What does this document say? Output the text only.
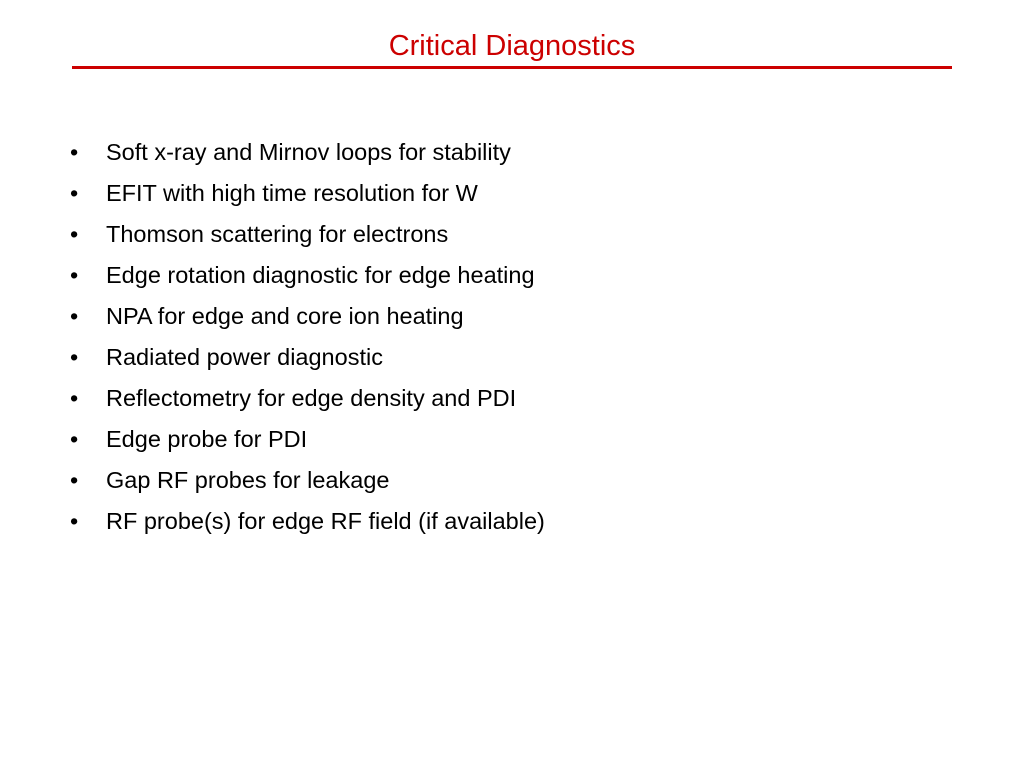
Critical Diagnostics
•	Soft x-ray and Mirnov loops for stability
•	EFIT with high time resolution for W
•	Thomson scattering for electrons
•	Edge rotation diagnostic for edge heating
•	NPA for edge and core ion heating
•	Radiated power diagnostic
•	Reflectometry for edge density and PDI
•	Edge probe for PDI
•	Gap RF probes for leakage
•	RF probe(s) for edge RF field (if available)
